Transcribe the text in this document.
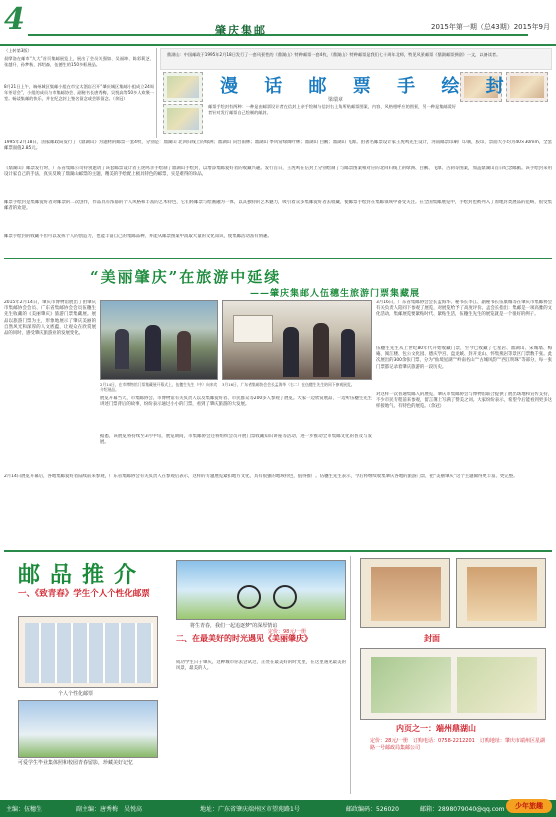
4	肇庆集邮	2015年第一期（总43期）2015年9月
（上转第3版）
叔摩洛在邮市“九大”首页集邮展览上，展出了会员关强如、吴福坤、陈彩莉芝、张越升、孙梦秋、郭绍森，伍德生的150多框展品。
8月21日上午，端州城区集邮小组在市宝太酒店召开“肇庆城区集邮小组成立24周年茶话会”，小组的成员与市集邮协会、副秘书长唐秀梅，吴悦高等50多人欢聚一堂。畅谈集邮的快乐，并在纪念封上签名留念或会影留念。（余冠）
鼎湖山：中国邮政于1995年2月18日发行了一套风景性的《鼎湖山》特种邮票一套4枚，《鼎湖山》特种邮票是我们七十周年北师，特见风景邮票《鼎湖邮票拼剧》一文，以备读者。
漫 话 邮 票 手 绘 封
梁瑞章
邮票手绘封有两种：一种是由邮票设计者在信封上亲手绘制与信封右上角所贴邮票图案，内容、风格相呼应的图景，另一种是集邮爱好者针对发行邮票自己绘制的邮封。
1995年2月18日，国家邮政局发行了《鼎湖山》为题材的邮票一套4枚，分别是：鼎湖山 北回归线上的绿洲；鼎湖山 向台雨林；鼎湖山 季风常绿阔叶林；鼎湖山 白鹇；鼎湖山 飞瀑。由著名邮票设计家王虎鸣先生设计，河南邮票印刷厂印制，胶印，票面大小均为40×30mm，全套邮票面值2.85元。
《鼎湖山》邮票发行时，广东省集邮公司特别邀请了该套邮票设计者王虎鸣亲手绘制了鼎湖山手绘封，以增添集邮爱好者的收藏兴趣。发行首日，王虎鸣在信封上分别绘制了与邮票图案相对应的北回归线上的绿洲、白鹇、飞瀑、古刹等图案，加盖鼎湖山首日纪念邮戳。该手绘封采用设计家自己的手法，真实反映了鼎湖山邮票的主题，精美的手绘配上极具特色的邮票，实是难得的珍品。
邮票手绘封是集邮爱好者对邮票的二次创作，作品具有浓郁的个人风格和丰富的艺术特色，它们将邮票与绘画融为一体，以其独特的艺术魅力，吸引着众多集邮爱好者去收藏，使邮票手绘封在集邮领域中备受关注。在全国集邮展览中，手绘封也被列入了原地封类展品的范畴，很受集邮者的欢迎。
邮票手绘封的收藏不但可以发挥个人的创造力，也能丰富自己的集邮品种，并能从邮票图案中汲取大量的文化知识，使集邮活动富有情趣。
“美丽肇庆”在旅游中延续
——肇庆集邮人伍穗生旅游门票集藏展
2015年2月14日，肇庆市博物馆展出了由肇庆市集邮协会会员、广东省集邮协会会员伍穗生先生收藏的《美丽肇庆》旅游门票集藏展。展品以旅游门票为主，形象地展示了肇庆美丽的自然风光和深厚的人文底蕴，让观众在欣赏展品的同时，感受肇庆旅游业的发展变化。
2月14日，在市博物馆门票集藏展开幕式上，伍穗生先生（中）向来宾介绍展品。
3月16日，广东省集邮协会会长孟海华（右二）在伍穗生先生陪同下参观展览。
3月16日，广东省集邮协会会长孟海华、秘书长李江、副秘书长伍康城等在肇庆市集邮协会有关负责人陪同下参观了展览，对展览给予了高度评价。孟会长指出：集邮是一项高雅的文化活动，集邮展览要紧贴时代、紧贴生活，伍穗生先生的展览就是一个很好的例子。
伍穗生先生从上世纪80年代开始收藏门票，至今已收藏了七星岩、鼎湖山、宋城墙、梅庵、阅江楼、包公文化园、德庆学宫、盘龙峡、封开龙山、怀集燕岩等景区门票数千张。此次展出的300余张门票，分为“仙境星湖”“岭南名山”“古城风韵”“西江明珠”等部分，每一张门票都记录着肇庆旅游的一段历史。
展览开幕当天，市集邮协会、市博物馆有关负责人以及集邮爱好者、市民群众等200多人参观了展览。大家一边欣赏展品，一边听伍穗生先生讲述门票背后的故事，纷纷表示通过小小的门票，看到了肇庆旅游的大发展。
据悉，该展览将持续至3月中旬，展览期间，市集邮协会还将组织会员开展门票收藏知识讲座等活动，进一步推动全市集邮文化的普及与发展。
对这样一次普通集邮人的展览，肇庆市集邮协会与博物馆联合提供了展出场地和宣传支持，不少市民专程前来参观，留言簿上写满了赞美之词。大家纷纷表示，希望今后能看到更多这样接地气、有特色的展览。（余冠）
2月14日展览开幕后，各地集邮爱好者陆续前来参观，广东省集邮协会有关负责人在参观后表示，这样的专题展览紧扣地方文化，具有很强的地域特色，值得推广。伍穗生先生表示，今后将继续收集肇庆各地的旅游门票，把“美丽肇庆”这个主题做得更丰富、更完整。
邮品推介
一、《致青春》学生个人个性化邮票
个人个性化邮票
可爱学生毕业集体照和校园青春留影，珍藏美好记忆
将生青春，我们一起追逐梦"的深厚情谊
定价：98元/一册
二、在最美好的时光遇见《美丽肇庆》
成功学生日子肇庆，这种城市你去尝试过，正处在最美好的时光里，在这里遇见最美的风景，最美的人。
封面
内页之一：端州鼎湖山
定价：28元/一册　订购电话：0758-2212201　订购地址：肇庆市端州区星湖路一号邮政局集邮公司
主编：伍穗生	副主编：唐秀梅　吴悦高	地址：广东省肇庆端州区市望苑路1号	邮政编码：526020	邮箱：2898079040@qq.com	少年旅趣
